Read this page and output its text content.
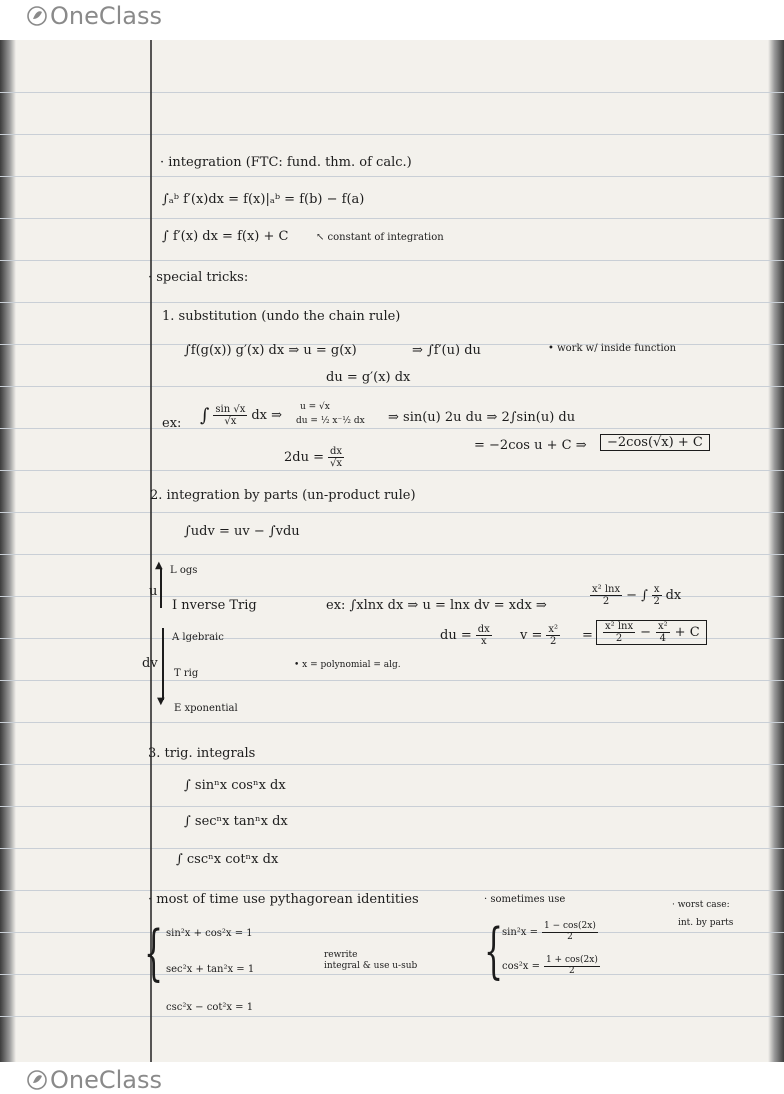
OneClass
· integration (FTC: fund. thm. of calc.)
∫ₐᵇ f′(x)dx = f(x)|ₐᵇ = f(b) − f(a)
∫ f′(x) dx = f(x) + C	↖ constant of integration
· special tricks:
1. substitution (undo the chain rule)
∫f(g(x)) g′(x) dx ⇒ u = g(x)	⇒ ∫f′(u) du	• work w/ inside function
du = g′(x) dx
ex: ∫ $\frac{\sin √x}{√x}$ dx ⇒
u = √x
du = ½ x⁻½ dx ⇒ sin(u) 2u du ⇒ 2∫sin(u) du
$2du = \frac{dx}{√x}$
= −2cos u + C ⇒	−2cos(√x) + C
2. integration by parts (un-product rule)
∫udv = uv − ∫vdu
▲
u
▼
dv
L ogs
I nverse Trig
A lgebraic
T rig
E xponential
ex: ∫xlnx dx ⇒ u = lnx dv = xdx ⇒	$\frac{\text{x² lnx}}{2}$ − ∫ $\frac{x}{2}$ dx
du = $\frac{dx}{x}$ $v = \frac{\text{x²}}{2} = \frac{\text{x² lnx}}{2} - \frac{\text{x²}}{4} + C$
• x = polynomial = alg.
3. trig. integrals
∫ sinⁿx cosⁿx dx
∫ secⁿx tanⁿx dx
∫ cscⁿx cotⁿx dx
· most of time use pythagorean identities
{ sin²x + cos²x = 1
sec²x + tan²x = 1
csc²x − cot²x = 1
rewrite
integral & use u-sub
· sometimes use
{
$\sin^2x = \frac{1 - \cos(2x)}{2}$
$\cos^2x = \frac{1 + \cos(2x)}{2}$
· worst case:
int. by parts
OneClass
